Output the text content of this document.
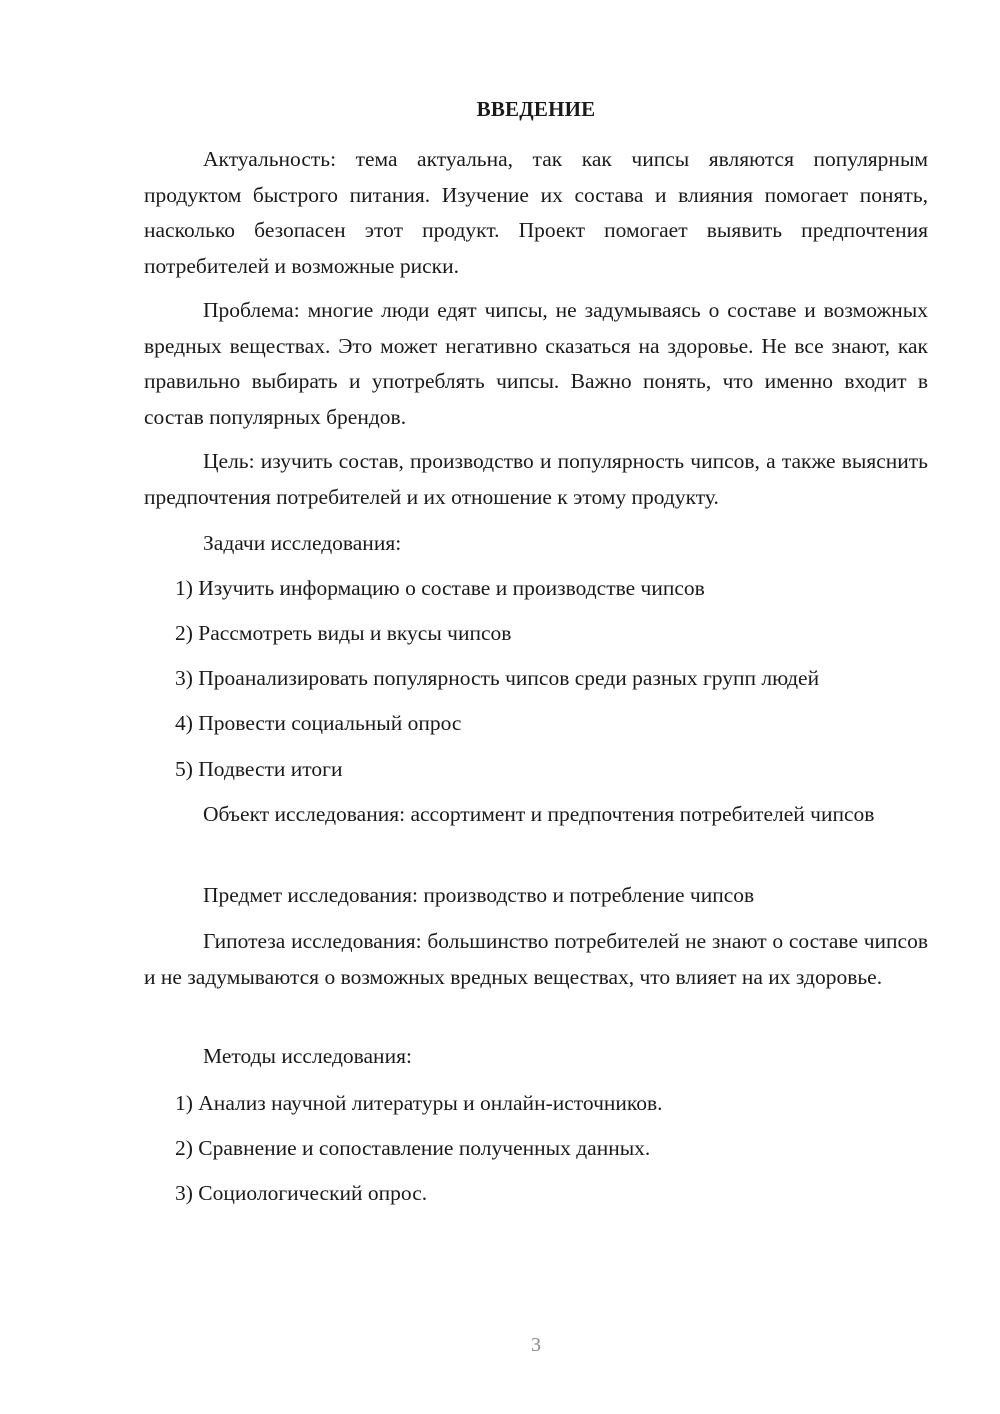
ВВЕДЕНИЕ

Актуальность: тема актуальна, так как чипсы являются популярным продуктом быстрого питания. Изучение их состава и влияния помогает понять, насколько безопасен этот продукт. Проект помогает выявить предпочтения потребителей и возможные риски.

Проблема: многие люди едят чипсы, не задумываясь о составе и возможных вредных веществах. Это может негативно сказаться на здоровье. Не все знают, как правильно выбирать и употреблять чипсы. Важно понять, что именно входит в состав популярных брендов.

Цель: изучить состав, производство и популярность чипсов, а также выяснить предпочтения потребителей и их отношение к этому продукту.

Задачи исследования:

1) Изучить информацию о составе и производстве чипсов

2) Рассмотреть виды и вкусы чипсов

3) Проанализировать популярность чипсов среди разных групп людей

4) Провести социальный опрос

5) Подвести итоги

Объект исследования: ассортимент и предпочтения потребителей чипсов

Предмет исследования: производство и потребление чипсов

Гипотеза исследования: большинство потребителей не знают о составе чипсов и не задумываются о возможных вредных веществах, что влияет на их здоровье.

Методы исследования:

1) Анализ научной литературы и онлайн-источников.

2) Сравнение и сопоставление полученных данных.

3) Социологический опрос.

3
